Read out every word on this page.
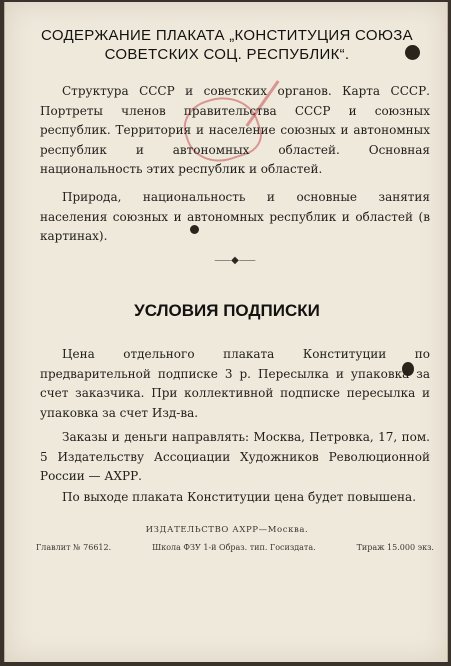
СОДЕРЖАНИЕ ПЛАКАТА „КОНСТИТУЦИЯ СОЮЗА
СОВЕТСКИХ СОЦ. РЕСПУБЛИК“.

Структура СССР и советских органов. Карта СССР. Портреты членов правительства СССР и союзных республик. Территория и население союзных и автономных республик и автономных областей. Основная национальность этих республик и областей.

Природа, национальность и основные занятия населения союзных и автономных республик и областей (в картинах).

⸺◆⸺
УСЛОВИЯ ПОДПИСКИ

Цена отдельного плаката Конституции по предварительной подписке 3 р. Пересылка и упаковка за счет заказчика. При коллективной подписке пересылка и упаковка за счет Изд-ва.

Заказы и деньги направлять: Москва, Петровка, 17, пом. 5 Издательству Ассоциации Художников Революционной России — АХРР.

По выходе плаката Конституции цена будет повышена.

ИЗДАТЕЛЬСТВО АХРР—Москва.
Главлит № 76612.	Школа ФЗУ 1-й Образ. тип. Госиздата.	Тираж 15.000 экз.
